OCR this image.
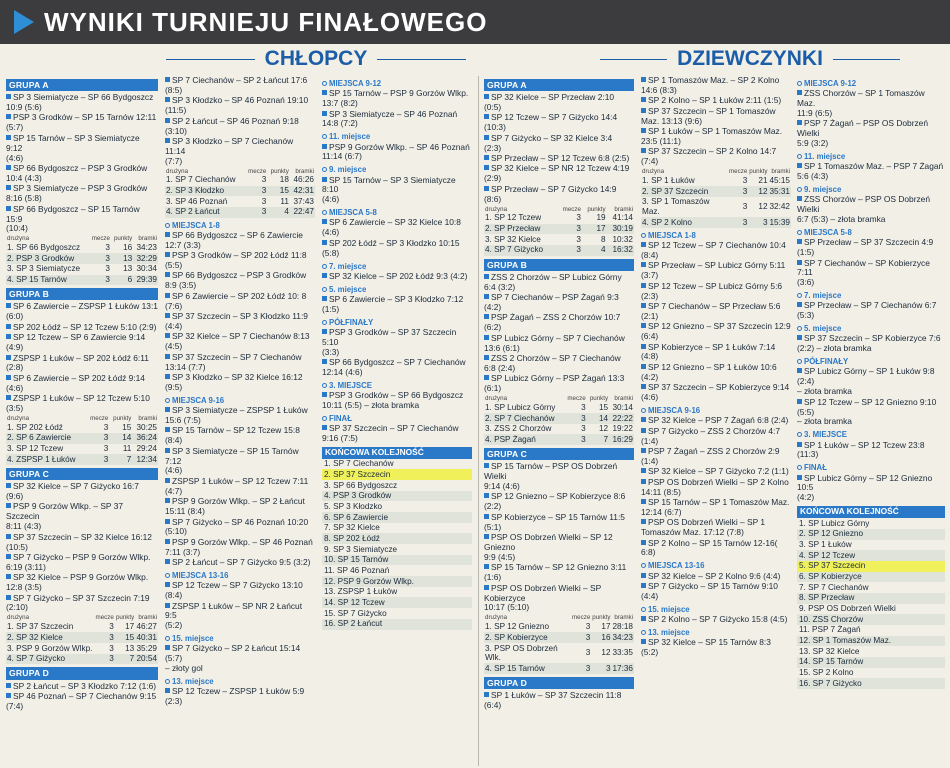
WYNIKI TURNIEJU FINAŁOWEGO
CHŁOPCY	DZIEWCZYNKI
GRUPA A
SP 3 Siemiatycze – SP 66 Bydgoszcz
10:9 (5:6)
PSP 3 Grodków – SP 15 Tarnów 12:11
(5:7)
SP 15 Tarnów – SP 3 Siemiatycze 9:12
(4:6)
SP 66 Bydgoszcz – PSP 3 Grodków
10:4 (4:3)
SP 3 Siemiatycze – PSP 3 Grodków
8:16 (5:8)
SP 66 Bydgoszcz – SP 15 Tarnów 15:9
(10:4)
drużyna	mecze	punkty	bramki
1. SP 66 Bydgoszcz	3	16	34:23
2. PSP 3 Grodków	3	13	32:29
3. SP 3 Siemiatycze	3	13	30:34
4. SP 15 Tarnów	3	6	29:39
GRUPA B
SP 6 Zawiercie – ZSPSP 1 Łuków 13:1
(6:0)
SP 202 Łódź – SP 12 Tczew 5:10 (2:9)
SP 12 Tczew – SP 6 Zawiercie 9:14 (4:9)
ZSPSP 1 Łuków – SP 202 Łódź 6:11 (2:8)
SP 6 Zawiercie – SP 202 Łódź 9:14 (4:6)
ZSPSP 1 Łuków – SP 12 Tczew 5:10 (3:5)
drużyna	mecze	punkty	bramki
1. SP 202 Łódź	3	15	30:25
2. SP 6 Zawiercie	3	14	36:24
3. SP 12 Tczew	3	11	29:24
4. ZSPSP 1 Łuków	3	7	12:34
GRUPA C
SP 32 Kielce – SP 7 Giżycko 16:7 (9:6)
PSP 9 Gorzów Wlkp. – SP 37 Szczecin
8:11 (4:3)
SP 37 Szczecin – SP 32 Kielce 16:12
(10:5)
SP 7 Giżycko – PSP 9 Gorzów Wlkp.
6:19 (3:11)
SP 32 Kielce – PSP 9 Gorzów Wlkp.
12:8 (3:5)
SP 7 Giżycko – SP 37 Szczecin 7:19
(2:10)
drużyna	mecze	punkty	bramki
1. SP 37 Szczecin	3	17	46:27
2. SP 32 Kielce	3	15	40:31
3. PSP 9 Gorzów Wlkp.	3	13	35:29
4. SP 7 Giżycko	3	7	20:54
GRUPA D
SP 2 Łańcut – SP 3 Kłodzko 7:12 (1:6)
SP 46 Poznań – SP 7 Ciechanów 9:15
(7:4)
SP 7 Ciechanów – SP 2 Łańcut 17:6
(8:5)
SP 3 Kłodzko – SP 46 Poznań 19:10
(11:5)
SP 2 Łańcut – SP 46 Poznań 9:18 (3:10)
SP 3 Kłodzko – SP 7 Ciechanów 11:14
(7:7)
drużyna	mecze	punkty	bramki
1. SP 7 Ciechanów	3	18	46:26
2. SP 3 Kłodzko	3	15	42:31
3. SP 46 Poznań	3	11	37:43
4. SP 2 Łańcut	3	4	22:47
MIEJSCA 1-8
SP 66 Bydgoszcz – SP 6 Zawiercie
12:7 (3:3)
PSP 3 Grodków – SP 202 Łódź 11:8
(5:5)
SP 66 Bydgoszcz – PSP 3 Grodków
8:9 (3:5)
SP 6 Zawiercie – SP 202 Łódź 10: 8
(7:6)
SP 37 Szczecin – SP 3 Kłodzko 11:9
(4:4)
SP 32 Kielce – SP 7 Ciechanów 8:13
(4:5)
SP 37 Szczecin – SP 7 Ciechanów
13:14 (7:7)
SP 3 Kłodzko – SP 32 Kielce 16:12 (9:5)
MIEJSCA 9-16
SP 3 Siemiatycze – ZSPSP 1 Łuków
15:6 (7:5)
SP 15 Tarnów – SP 12 Tczew 15:8 (8:4)
SP 3 Siemiatycze – SP 15 Tarnów 7:12
(4:6)
ZSPSP 1 Łuków – SP 12 Tczew 7:11 (4:7)
PSP 9 Gorzów Wlkp. – SP 2 Łańcut
15:11 (8:4)
SP 7 Giżycko – SP 46 Poznań 10:20
(5:10)
PSP 9 Gorzów Wlkp. – SP 46 Poznań
7:11 (3:7)
SP 2 Łańcut – SP 7 Giżycko 9:5 (3:2)
MIEJSCA 13-16
SP 12 Tczew – SP 7 Giżycko 13:10 (8:4)
ZSPSP 1 Łuków – SP NR 2 Łańcut 9:5
(5:2)
15. miejsce
SP 7 Giżycko – SP 2 Łańcut 15:14 (5:7)
– złoty gol
13. miejsce
SP 12 Tczew – ZSPSP 1 Łuków 5:9 (2:3)
MIEJSCA 9-12
SP 15 Tarnów – PSP 9 Gorzów Wlkp.
13:7 (8:2)
SP 3 Siemiatycze – SP 46 Poznań
14:8 (7:2)
11. miejsce
PSP 9 Gorzów Wlkp. – SP 46 Poznań
11:14 (6:7)
9. miejsce
SP 15 Tarnów – SP 3 Siemiatycze 8:10
(4:6)
MIEJSCA 5-8
SP 6 Zawiercie – SP 32 Kielce 10:8
(4:6)
SP 202 Łódź – SP 3 Kłodzko 10:15 (5:8)
7. miejsce
SP 32 Kielce – SP 202 Łódź 9:3 (4:2)
5. miejsce
SP 6 Zawiercie – SP 3 Kłodzko 7:12 (1:5)
PÓŁFINAŁY
PSP 3 Grodków – SP 37 Szczecin 5:10
(3:3)
SP 66 Bydgoszcz – SP 7 Ciechanów
12:14 (4:6)
3. MIEJSCE
PSP 3 Grodków – SP 66 Bydgoszcz
10:11 (5:5) – złota bramka
FINAŁ
SP 37 Szczecin – SP 7 Ciechanów
9:16 (7:5)
KOŃCOWA KOLEJNOŚĆ
1. SP 7 Ciechanów
2. SP 37 Szczecin
3. SP 66 Bydgoszcz
4. PSP 3 Grodków
5. SP 3 Kłodzko
6. SP 6 Zawiercie
7. SP 32 Kielce
8. SP 202 Łódź
9. SP 3 Siemiatycze
10. SP 15 Tarnów
11. SP 46 Poznań
12. PSP 9 Gorzów Wlkp.
13. ZSPSP 1 Łuków
14. SP 12 Tczew
15. SP 7 Giżycko
16. SP 2 Łańcut
GRUPA A
SP 32 Kielce – SP Przecław 2:10
(0:5)
SP 12 Tczew – SP 7 Giżycko 14:4
(10:3)
SP 7 Giżycko – SP 32 Kielce 3:4
(2:3)
SP Przecław – SP 12 Tczew 6:8 (2:5)
SP 32 Kielce – SP NR 12 Tczew 4:19
(2:9)
SP Przecław – SP 7 Giżycko 14:9 (8:6)
drużyna	mecze	punkty	bramki
1. SP 12 Tczew	3	19	41:14
2. SP Przecław	3	17	30:19
3. SP 32 Kielce	3	8	10:32
4. SP 7 Giżycko	3	4	16:32
GRUPA B
ZSS 2 Chorzów – SP Lubicz Górny
6:4 (3:2)
SP 7 Ciechanów – PSP Żagań 9:3
(4:2)
PSP Żagań – ZSS 2 Chorzów 10:7
(6:2)
SP Lubicz Górny – SP 7 Ciechanów
13:6 (6:1)
ZSS 2 Chorzów – SP 7 Ciechanów
6:8 (2:4)
SP Lubicz Górny – PSP Żagań 13:3
(6:1)
drużyna	mecze	punkty	bramki
1. SP Lubicz Górny	3	15	30:14
2. SP 7 Ciechanów	3	14	22:22
3. ZSS 2 Chorzów	3	12	19:22
4. PSP Żagań	3	7	16:29
GRUPA C
SP 15 Tarnów – PSP OS Dobrzeń Wielki
9:14 (4:6)
SP 12 Gniezno – SP Kobierzyce 8:6
(2:2)
SP Kobierzyce – SP 15 Tarnów 11:5 (5:1)
PSP OS Dobrzeń Wielki – SP 12 Gniezno
9:9 (4:5)
SP 15 Tarnów – SP 12 Gniezno 3:11 (1:6)
PSP OS Dobrzeń Wielki – SP Kobierzyce
10:17 (5:10)
drużyna	mecze	punkty	bramki
1. SP 12 Gniezno	3	17	28:18
2. SP Kobierzyce	3	16	34:23
3. PSP OS Dobrzeń Wlk.	3	12	33:35
4. SP 15 Tarnów	3	3	17:36
GRUPA D
SP 1 Łuków – SP 37 Szczecin 11:8
(6:4)
SP 1 Tomaszów Maz. – SP 2 Kolno
14:6 (8:3)
SP 2 Kolno – SP 1 Łuków 2:11 (1:5)
SP 37 Szczecin – SP 1 Tomaszów
Maz. 13:13 (9:6)
SP 1 Łuków – SP 1 Tomaszów Maz.
23:5 (11:1)
SP 37 Szczecin – SP 2 Kolno 14:7
(7:4)
drużyna	mecze	punkty	bramki
1. SP 1 Łuków	3	21	45:15
2. SP 37 Szczecin	3	12	35:31
3. SP 1 Tomaszów Maz.	3	12	32:42
4. SP 2 Kolno	3	3	15:39
MIEJSCA 1-8
SP 12 Tczew – SP 7 Ciechanów 10:4
(8:4)
SP Przecław – SP Lubicz Górny 5:11
(3:7)
SP 12 Tczew – SP Lubicz Górny 5:6
(2:3)
SP 7 Ciechanów – SP Przecław 5:6 (2:1)
SP 12 Gniezno – SP 37 Szczecin 12:9
(6:4)
SP Kobierzyce – SP 1 Łuków 7:14 (4:8)
SP 12 Gniezno – SP 1 Łuków 10:6 (4:2)
SP 37 Szczecin – SP Kobierzyce 9:14
(4:6)
MIEJSCA 9-16
SP 32 Kielce – PSP 7 Żagań 6:8 (2:4)
SP 7 Giżycko – ZSS 2 Chorzów 4:7
(1:4)
PSP 7 Żagań – ZSS 2 Chorzów 2:9
(1:4)
SP 32 Kielce – SP 7 Giżycko 7:2 (1:1)
PSP OS Dobrzeń Wielki – SP 2 Kolno
14:11 (8:5)
SP 15 Tarnów – SP 1 Tomaszów Maz.
12:14 (6:7)
PSP OS Dobrzeń Wielki – SP 1
Tomaszów Maz. 17:12 (7:8)
SP 2 Kolno – SP 15 Tarnów 12-16( 6:8)
MIEJSCA 13-16
SP 32 Kielce – SP 2 Kolno 9:6 (4:4)
SP 7 Giżycko – SP 15 Tarnów 9:10
(4:4)
15. miejsce
SP 2 Kolno – SP 7 Giżycko 15:8 (4:5)
13. miejsce
SP 32 Kielce – SP 15 Tarnów 8:3
(5:2)
MIEJSCA 9-12
ZSS Chorzów – SP 1 Tomaszów Maz.
11:9 (6:5)
PSP 7 Żagań – PSP OS Dobrzeń Wielki
5:9 (3:2)
11. miejsce
SP 1 Tomaszów Maz. – PSP 7 Żagań
5:6 (4:3)
9. miejsce
ZSS Chorzów – PSP OS Dobrzeń Wielki
6:7 (5:3) – złota bramka
MIEJSCA 5-8
SP Przecław – SP 37 Szczecin 4:9 (1:5)
SP 7 Ciechanów – SP Kobierzyce 7:11
(3:6)
7. miejsce
SP Przecław – SP 7 Ciechanów 6:7 (5:3)
5. miejsce
SP 37 Szczecin – SP Kobierzyce 7:6
(2:2) – złota bramka
PÓŁFINAŁY
SP Lubicz Górny – SP 1 Łuków 9:8 (2:4)
– złota bramka
SP 12 Tczew – SP 12 Gniezno 9:10 (5:5)
– złota bramka
3. MIEJSCE
SP 1 Łuków – SP 12 Tczew 23:8 (11:3)
FINAŁ
SP Lubicz Górny – SP 12 Gniezno 10:5
(4:2)
KOŃCOWA KOLEJNOŚĆ
1. SP Lubicz Górny
2. SP 12 Gniezno
3. SP 1 Łuków
4. SP 12 Tczew
5. SP 37 Szczecin
6. SP Kobierzyce
7. SP 7 Ciechanów
8. SP Przecław
9. PSP OS Dobrzeń Wielki
10. ZSS Chorzów
11. PSP 7 Żagań
12. SP 1 Tomaszów Maz.
13. SP 32 Kielce
14. SP 15 Tarnów
15. SP 2 Kolno
16. SP 7 Giżycko
